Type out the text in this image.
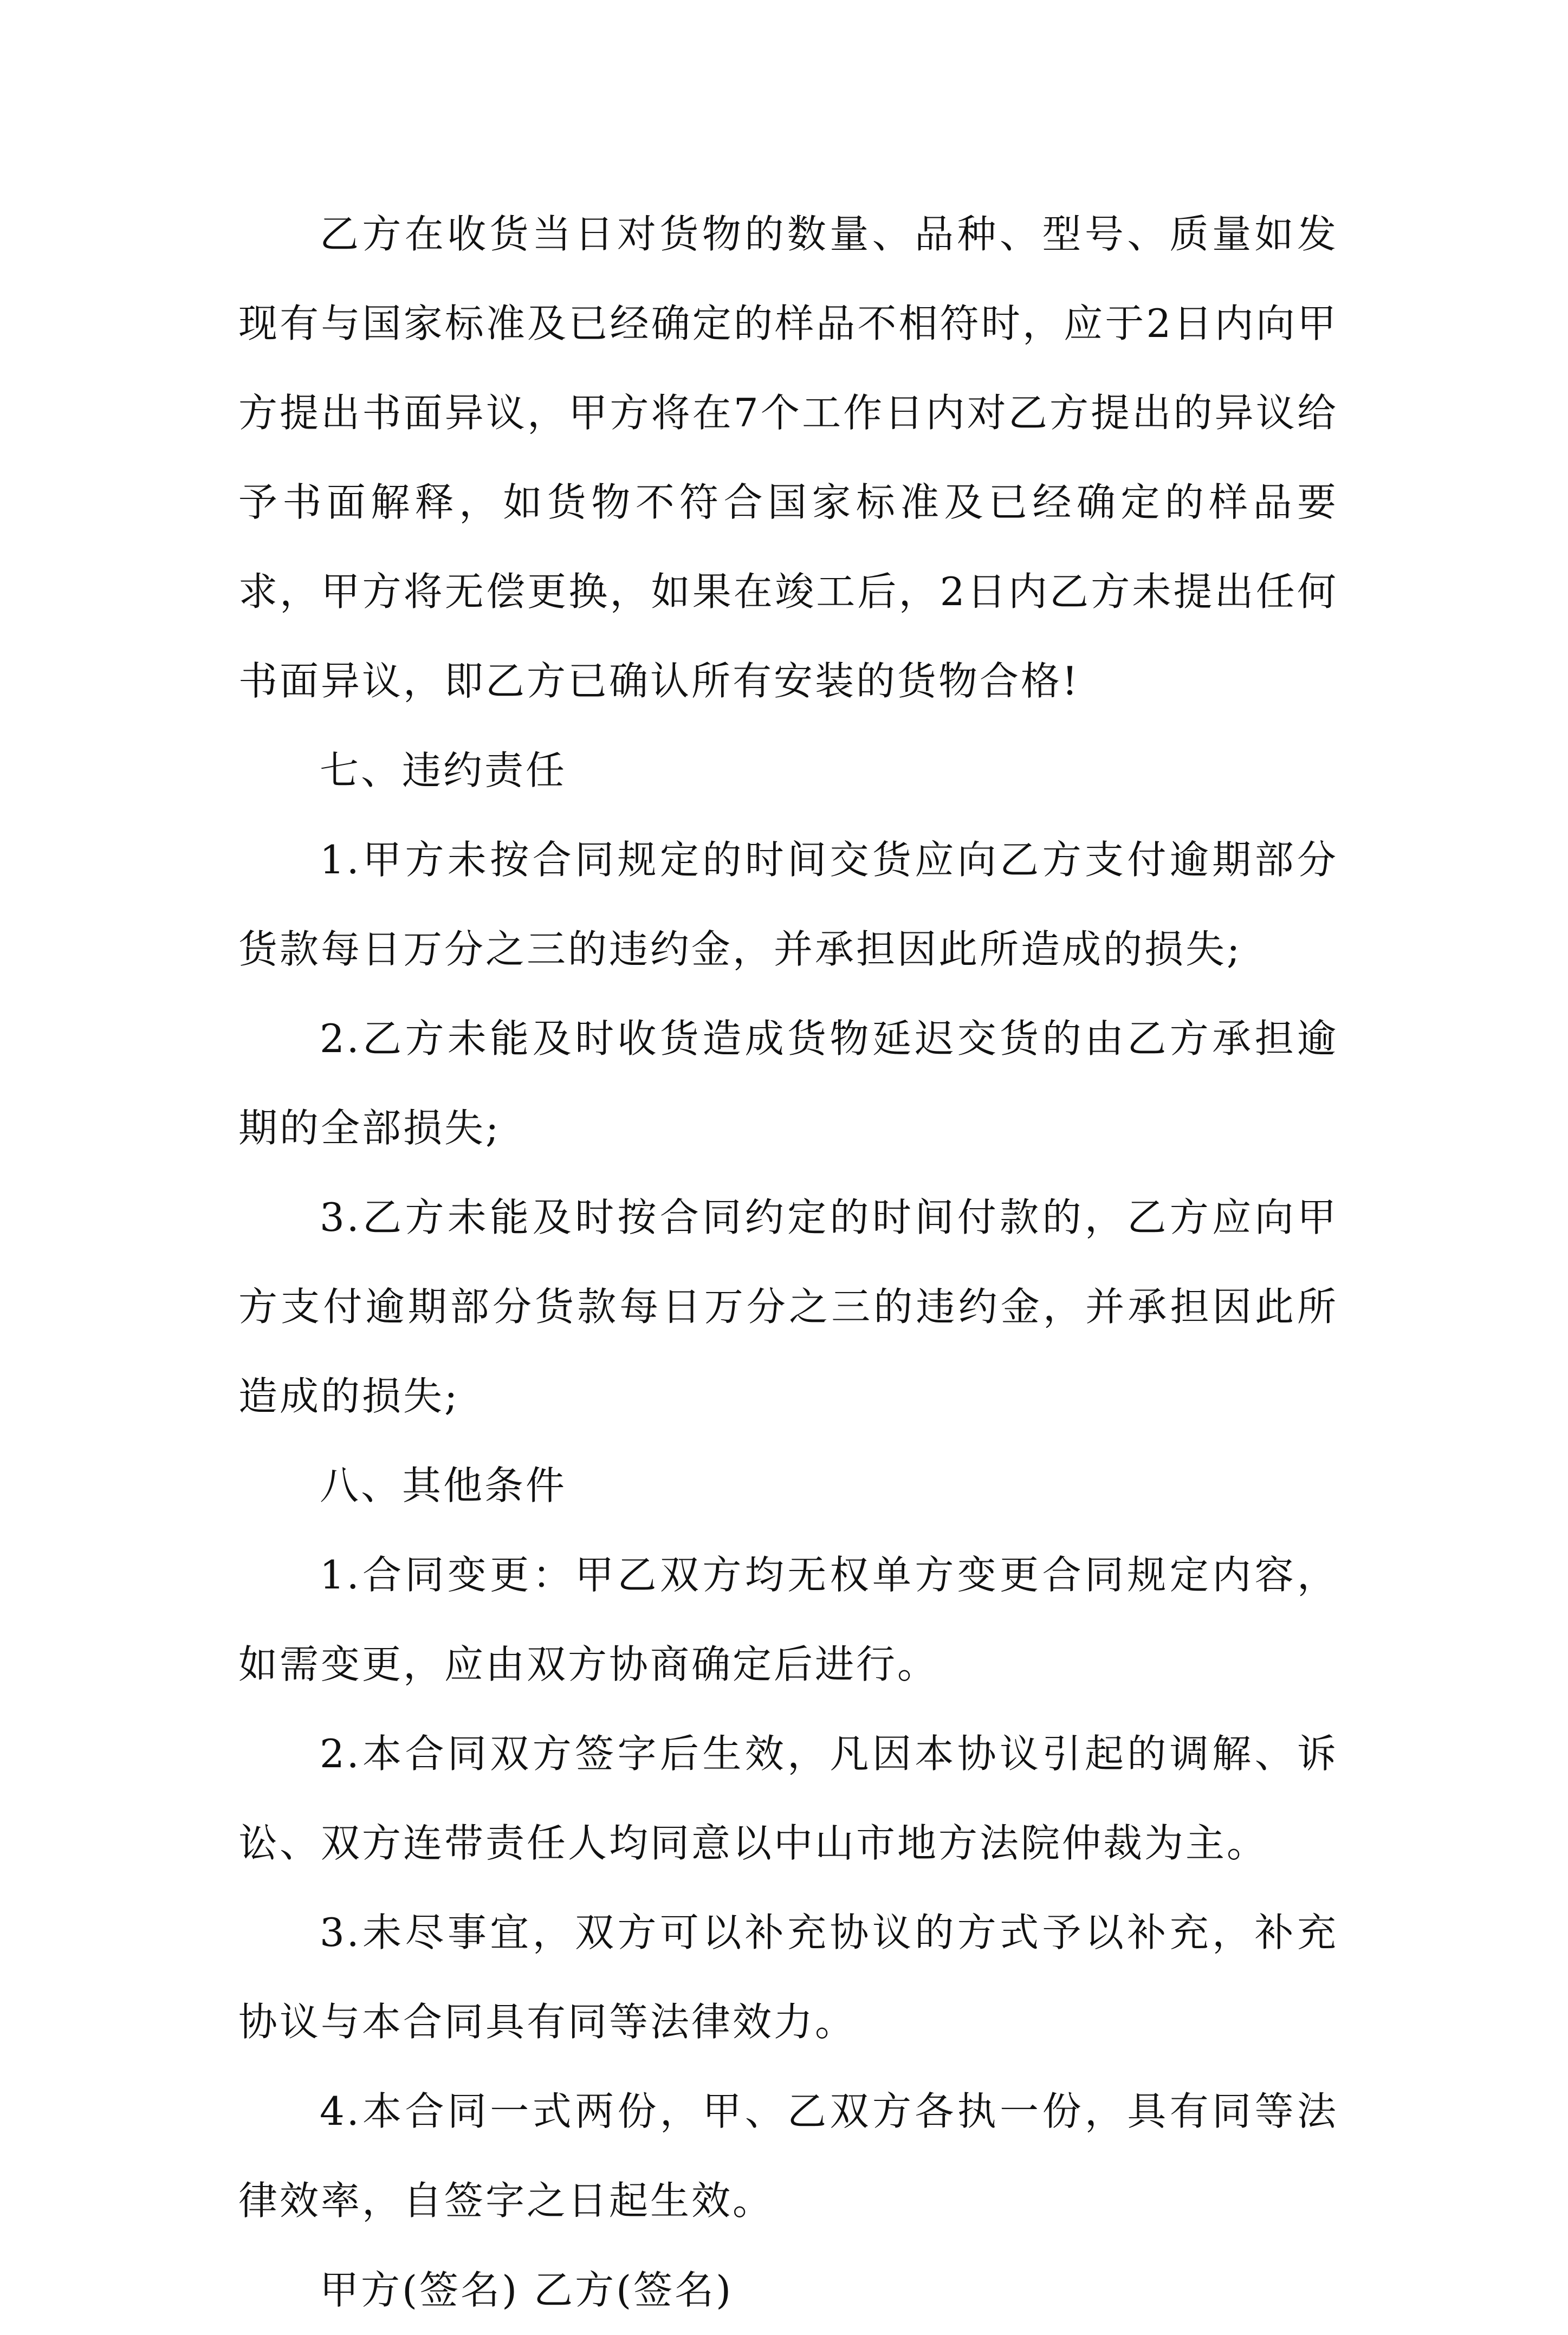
乙方在收货当日对货物的数量、品种、型号、质量如发现有与国家标准及已经确定的样品不相符时，应于2日内向甲方提出书面异议，甲方将在7个工作日内对乙方提出的异议给予书面解释，如货物不符合国家标准及已经确定的样品要求，甲方将无偿更换，如果在竣工后，2日内乙方未提出任何书面异议，即乙方已确认所有安装的货物合格!

七、违约责任

1.甲方未按合同规定的时间交货应向乙方支付逾期部分货款每日万分之三的违约金，并承担因此所造成的损失;

2.乙方未能及时收货造成货物延迟交货的由乙方承担逾期的全部损失;

3.乙方未能及时按合同约定的时间付款的，乙方应向甲方支付逾期部分货款每日万分之三的违约金，并承担因此所造成的损失;

八、其他条件

1.合同变更：甲乙双方均无权单方变更合同规定内容，如需变更，应由双方协商确定后进行。

2.本合同双方签字后生效，凡因本协议引起的调解、诉讼、双方连带责任人均同意以中山市地方法院仲裁为主。

3.未尽事宜，双方可以补充协议的方式予以补充，补充协议与本合同具有同等法律效力。

4.本合同一式两份，甲、乙双方各执一份，具有同等法律效率，自签字之日起生效。

甲方(签名) 乙方(签名)
